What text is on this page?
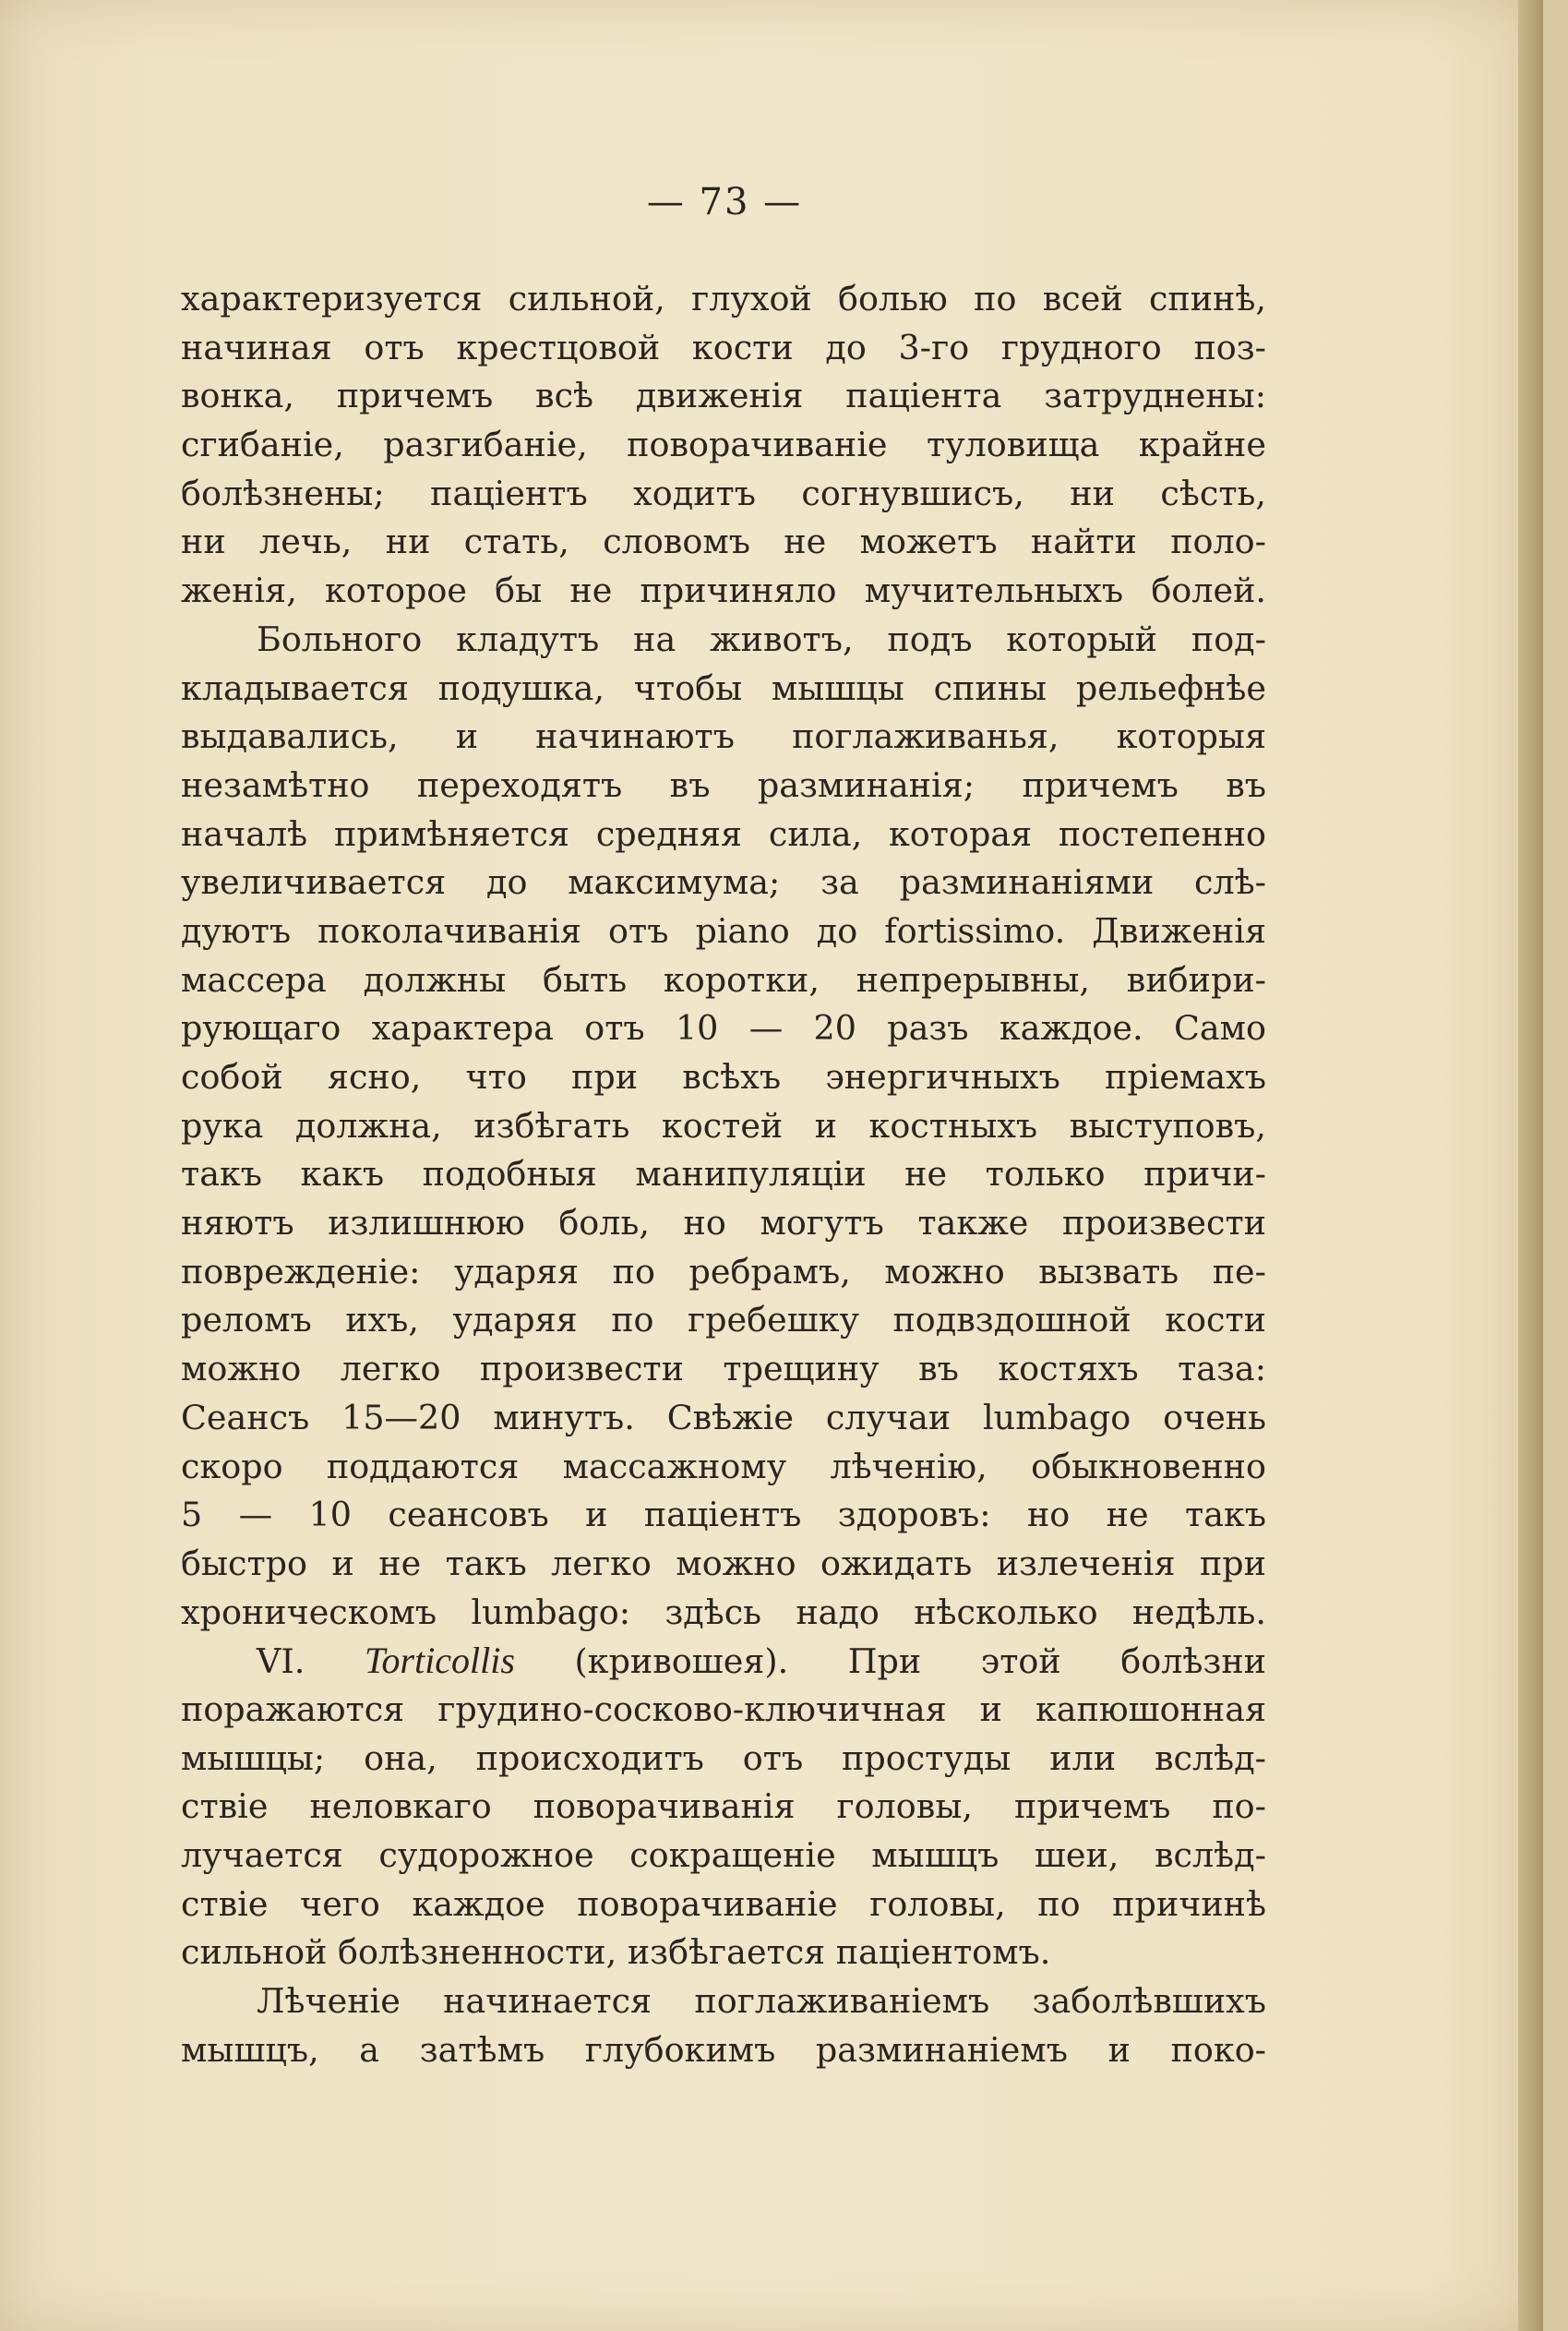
— 73 —
характеризуется сильной, глухой болью по всей спинѣ,
начиная отъ крестцовой кости до 3-го грудного поз-
вонка, причемъ всѣ движенія паціента затруднены:
сгибаніе, разгибаніе, поворачиваніе туловища крайне
болѣзнены; паціентъ ходитъ согнувшисъ, ни сѣсть,
ни лечь, ни стать, словомъ не можетъ найти поло-
женія, которое бы не причиняло мучительныхъ болей.
Больного кладутъ на животъ, подъ который под-
кладывается подушка, чтобы мышцы спины рельефнѣе
выдавались, и начинаютъ поглаживанья, которыя
незамѣтно переходятъ въ разминанія; причемъ въ
началѣ примѣняется средняя сила, которая постепенно
увеличивается до максимума; за разминаніями слѣ-
дуютъ поколачиванія отъ piano до fortissimo. Движенія
массера должны быть коротки, непрерывны, вибири-
рующаго характера отъ 10 — 20 разъ каждое. Само
собой ясно, что при всѣхъ энергичныхъ пріемахъ
рука должна, избѣгать костей и костныхъ выступовъ,
такъ какъ подобныя манипуляціи не только причи-
няютъ излишнюю боль, но могутъ также произвести
поврежденіе: ударяя по ребрамъ, можно вызвать пе-
реломъ ихъ, ударяя по гребешку подвздошной кости
можно легко произвести трещину въ костяхъ таза:
Сеансъ 15—20 минутъ. Свѣжіе случаи lumbago очень
скоро поддаются массажному лѣченію, обыкновенно
5 — 10 сеансовъ и паціентъ здоровъ: но не такъ
быстро и не такъ легко можно ожидать излеченія при
хроническомъ lumbago: здѣсь надо нѣсколько недѣль.
VI. Torticollis (кривошея). При этой болѣзни
поражаются грудино-сосково-ключичная и капюшонная
мышцы; она, происходитъ отъ простуды или вслѣд-
ствіе неловкаго поворачиванія головы, причемъ по-
лучается судорожное сокращеніе мышцъ шеи, вслѣд-
ствіе чего каждое поворачиваніе головы, по причинѣ
сильной болѣзненности, избѣгается паціентомъ.
Лѣченіе начинается поглаживаніемъ заболѣвшихъ
мышцъ, а затѣмъ глубокимъ разминаніемъ и поко-
